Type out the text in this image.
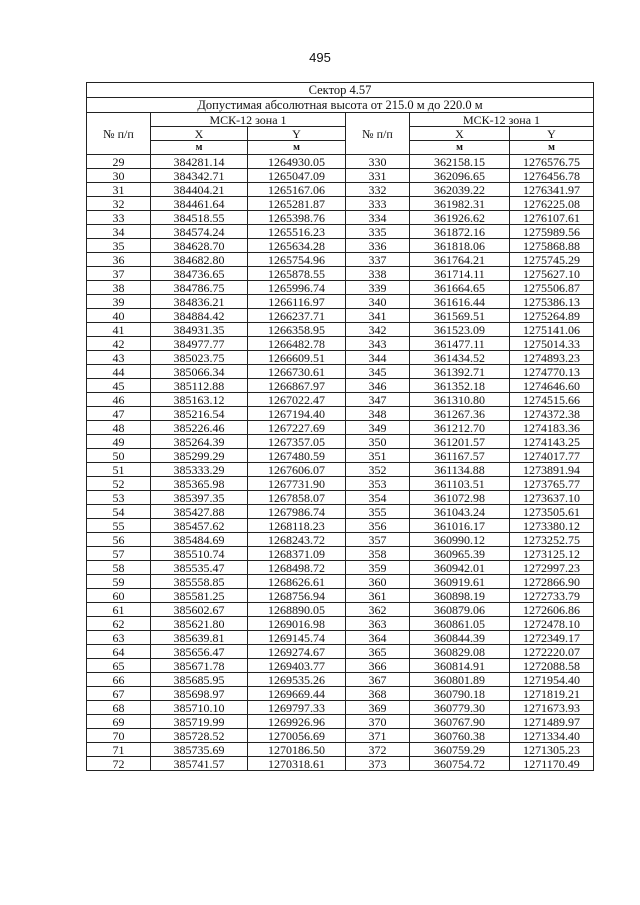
495
Сектор 4.57					
Допустимая абсолютная высота от 215.0 м до 220.0 м					
№ п/п	МСК-12 зона 1		№ п/п	МСК-12 зона 1	
	X	Y		X	Y
	м	м		м	м
29	384281.14	1264930.05	330	362158.15	1276576.75
30	384342.71	1265047.09	331	362096.65	1276456.78
31	384404.21	1265167.06	332	362039.22	1276341.97
32	384461.64	1265281.87	333	361982.31	1276225.08
33	384518.55	1265398.76	334	361926.62	1276107.61
34	384574.24	1265516.23	335	361872.16	1275989.56
35	384628.70	1265634.28	336	361818.06	1275868.88
36	384682.80	1265754.96	337	361764.21	1275745.29
37	384736.65	1265878.55	338	361714.11	1275627.10
38	384786.75	1265996.74	339	361664.65	1275506.87
39	384836.21	1266116.97	340	361616.44	1275386.13
40	384884.42	1266237.71	341	361569.51	1275264.89
41	384931.35	1266358.95	342	361523.09	1275141.06
42	384977.77	1266482.78	343	361477.11	1275014.33
43	385023.75	1266609.51	344	361434.52	1274893.23
44	385066.34	1266730.61	345	361392.71	1274770.13
45	385112.88	1266867.97	346	361352.18	1274646.60
46	385163.12	1267022.47	347	361310.80	1274515.66
47	385216.54	1267194.40	348	361267.36	1274372.38
48	385226.46	1267227.69	349	361212.70	1274183.36
49	385264.39	1267357.05	350	361201.57	1274143.25
50	385299.29	1267480.59	351	361167.57	1274017.77
51	385333.29	1267606.07	352	361134.88	1273891.94
52	385365.98	1267731.90	353	361103.51	1273765.77
53	385397.35	1267858.07	354	361072.98	1273637.10
54	385427.88	1267986.74	355	361043.24	1273505.61
55	385457.62	1268118.23	356	361016.17	1273380.12
56	385484.69	1268243.72	357	360990.12	1273252.75
57	385510.74	1268371.09	358	360965.39	1273125.12
58	385535.47	1268498.72	359	360942.01	1272997.23
59	385558.85	1268626.61	360	360919.61	1272866.90
60	385581.25	1268756.94	361	360898.19	1272733.79
61	385602.67	1268890.05	362	360879.06	1272606.86
62	385621.80	1269016.98	363	360861.05	1272478.10
63	385639.81	1269145.74	364	360844.39	1272349.17
64	385656.47	1269274.67	365	360829.08	1272220.07
65	385671.78	1269403.77	366	360814.91	1272088.58
66	385685.95	1269535.26	367	360801.89	1271954.40
67	385698.97	1269669.44	368	360790.18	1271819.21
68	385710.10	1269797.33	369	360779.30	1271673.93
69	385719.99	1269926.96	370	360767.90	1271489.97
70	385728.52	1270056.69	371	360760.38	1271334.40
71	385735.69	1270186.50	372	360759.29	1271305.23
72	385741.57	1270318.61	373	360754.72	1271170.49
